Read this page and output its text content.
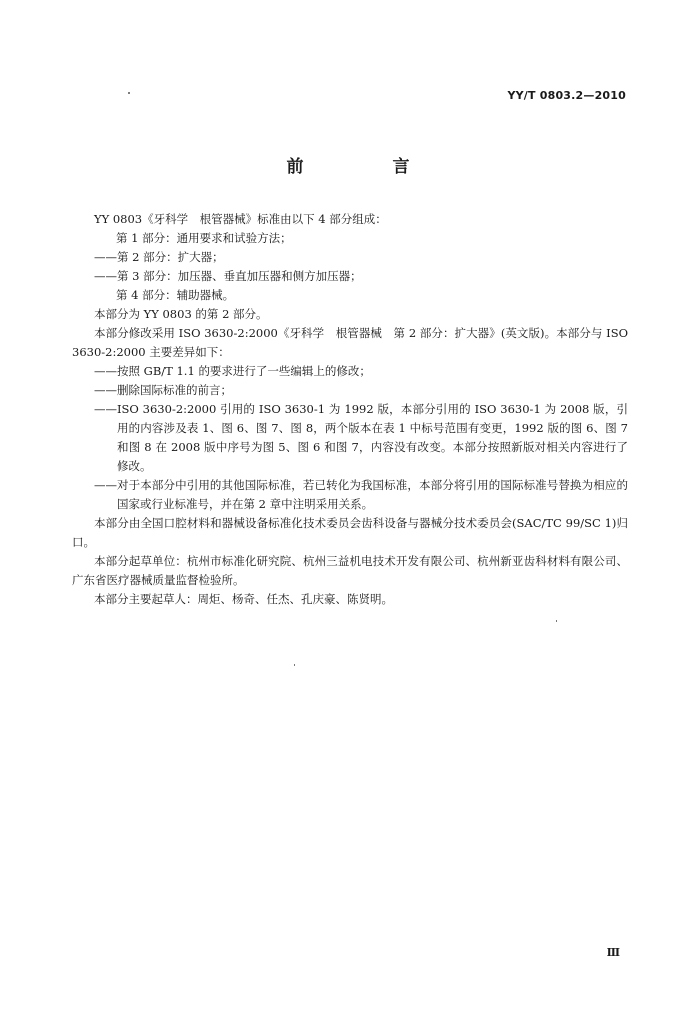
YY/T 0803.2—2010
前　言

YY 0803《牙科学　根管器械》标准由以下 4 部分组成：

第 1 部分：通用要求和试验方法；

——第 2 部分：扩大器；

——第 3 部分：加压器、垂直加压器和侧方加压器；

第 4 部分：辅助器械。

本部分为 YY 0803 的第 2 部分。

本部分修改采用 ISO 3630-2:2000《牙科学　根管器械　第 2 部分：扩大器》(英文版)。本部分与 ISO 3630-2:2000 主要差异如下：

—— 按照 GB/T 1.1 的要求进行了一些编辑上的修改；
—— 删除国际标准的前言；
—— ISO 3630-2:2000 引用的 ISO 3630-1 为 1992 版，本部分引用的 ISO 3630-1 为 2008 版，引用的内容涉及表 1、图 6、图 7、图 8，两个版本在表 1 中标号范围有变更，1992 版的图 6、图 7 和图 8 在 2008 版中序号为图 5、图 6 和图 7，内容没有改变。本部分按照新版对相关内容进行了修改。
—— 对于本部分中引用的其他国际标准，若已转化为我国标准，本部分将引用的国际标准号替换为相应的国家或行业标准号，并在第 2 章中注明采用关系。

本部分由全国口腔材料和器械设备标准化技术委员会齿科设备与器械分技术委员会(SAC/TC 99/SC 1)归口。

本部分起草单位：杭州市标准化研究院、杭州三益机电技术开发有限公司、杭州新亚齿科材料有限公司、广东省医疗器械质量监督检验所。

本部分主要起草人：周炬、杨奇、任杰、孔庆豪、陈贤明。

Ⅲ
